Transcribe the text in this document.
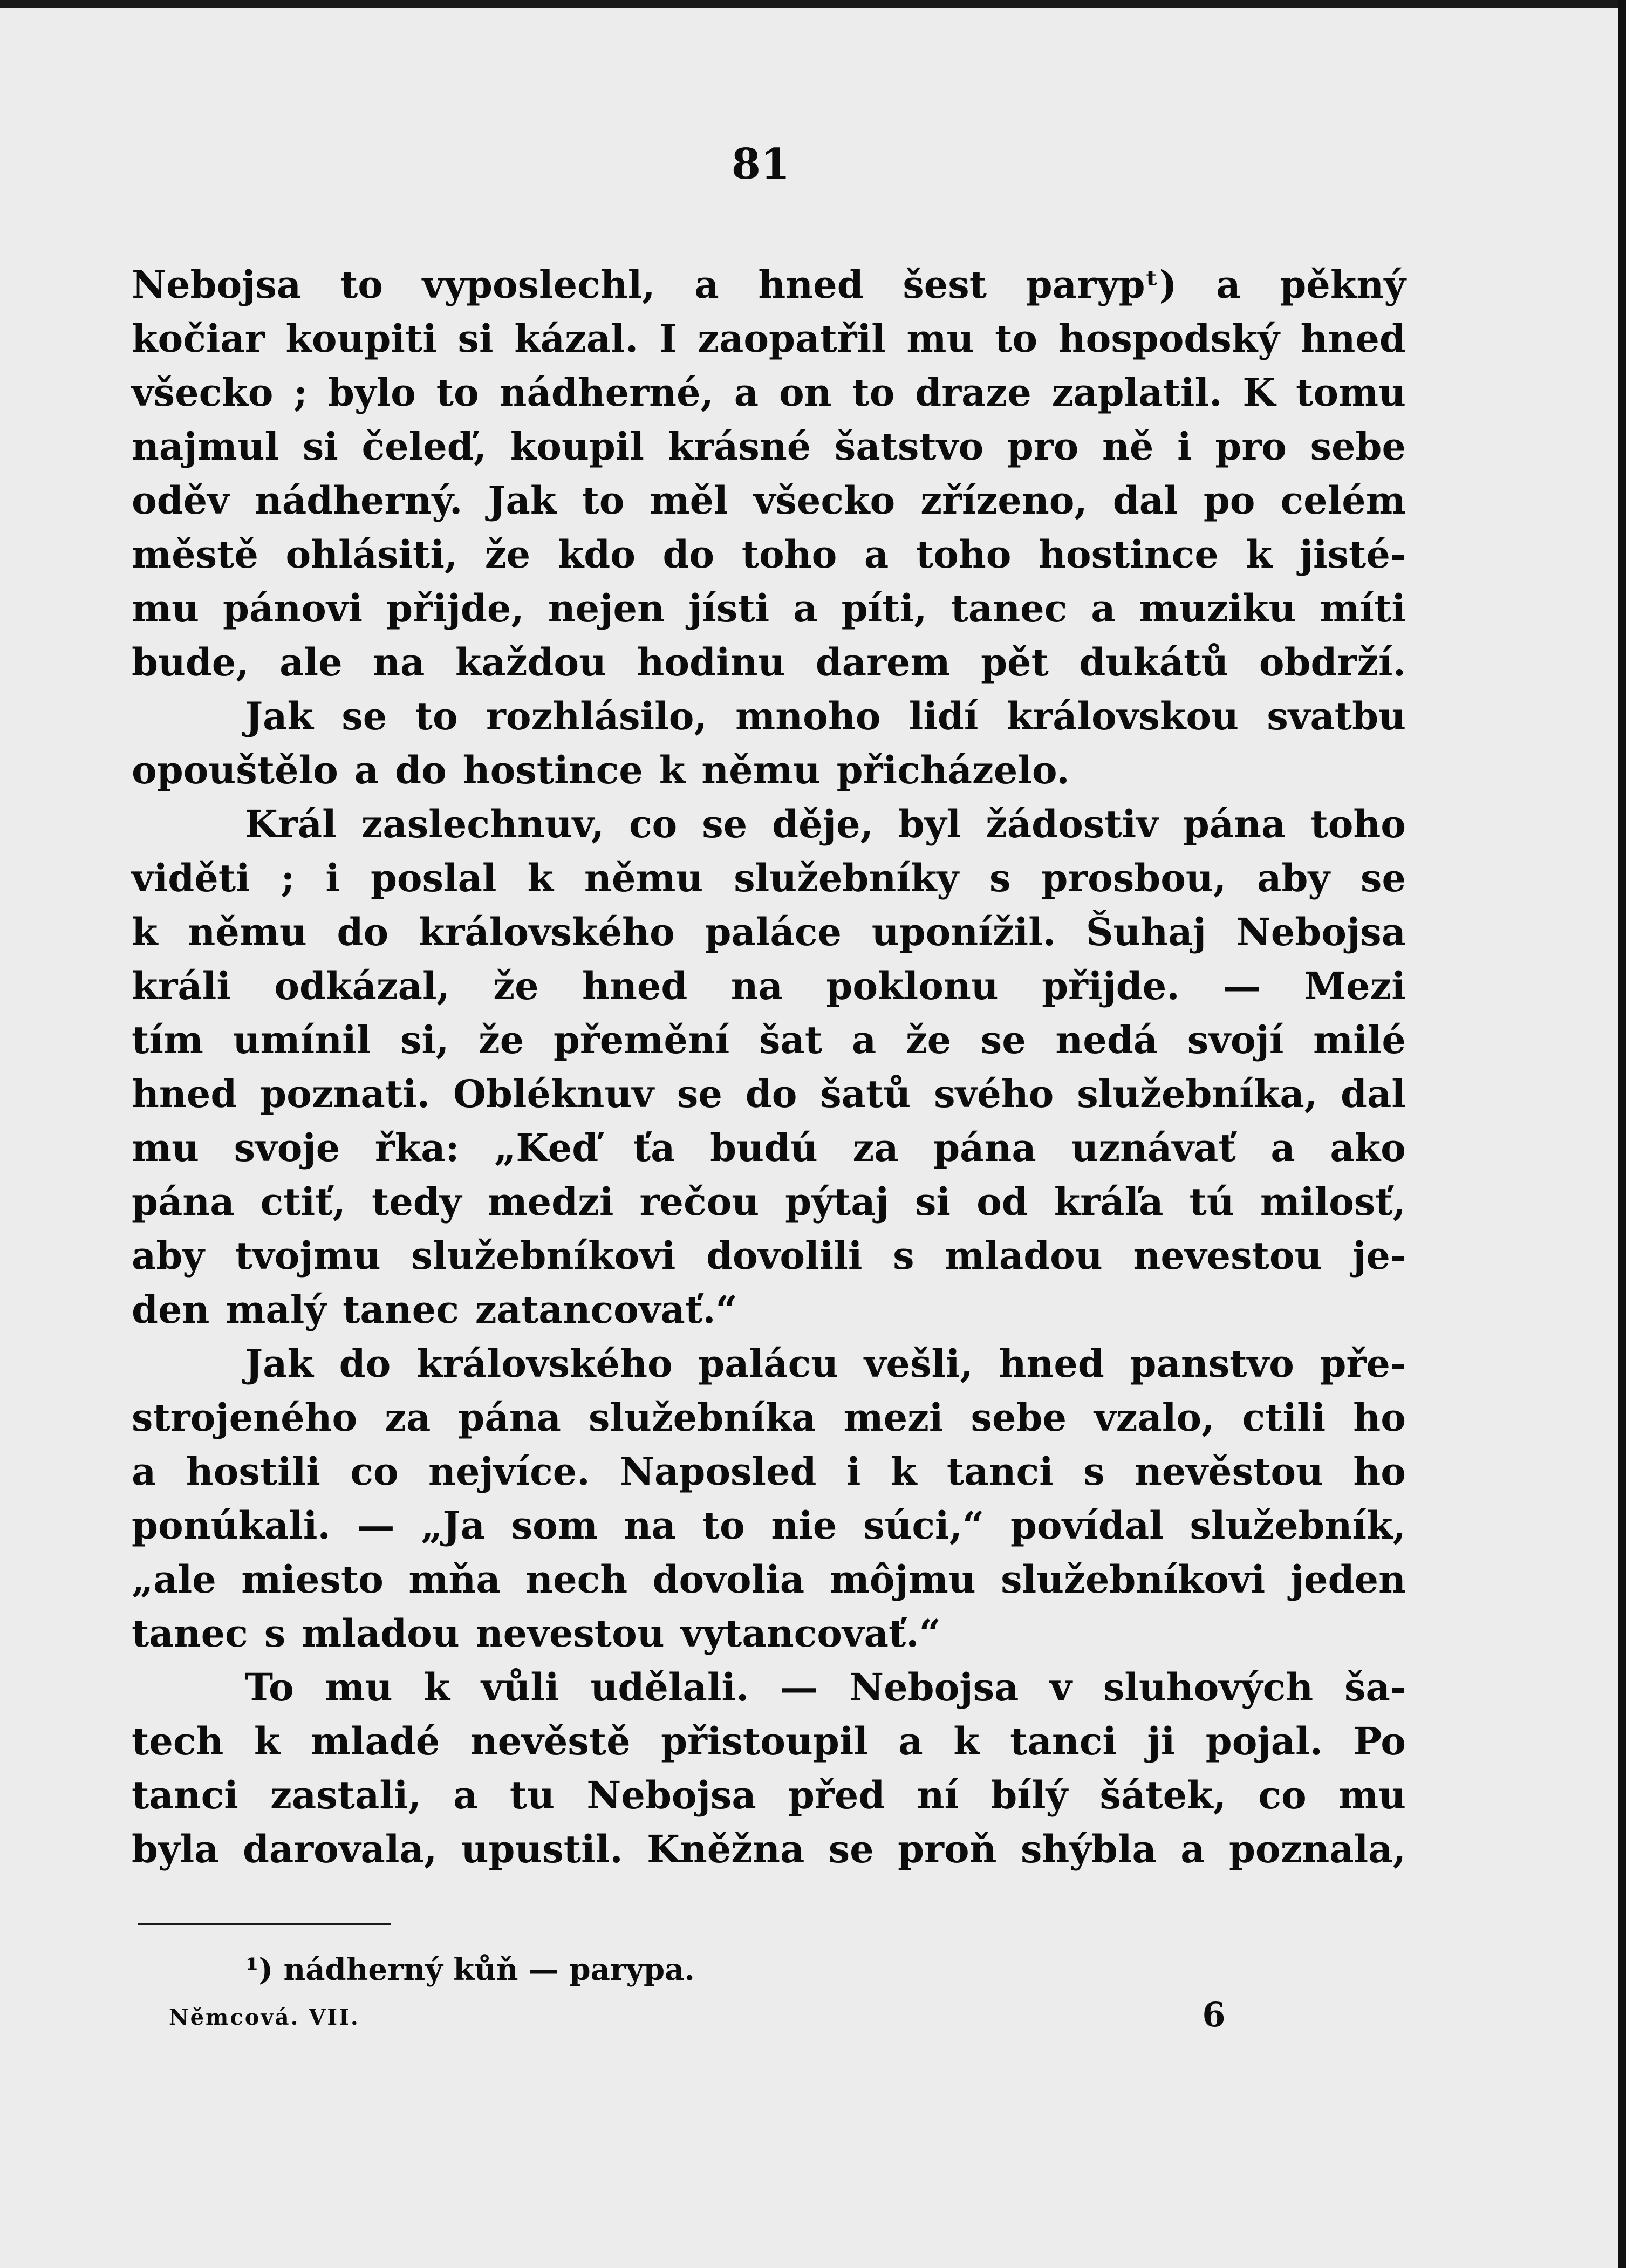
81
Nebojsa to vyposlechl, a hned šest parypᵗ) a pěkný
kočiar koupiti si kázal. I zaopatřil mu to hospodský hned
všecko ; bylo to nádherné, a on to draze zaplatil. K tomu
najmul si čeleď, koupil krásné šatstvo pro ně i pro sebe
oděv nádherný. Jak to měl všecko zřízeno, dal po celém
městě ohlásiti, že kdo do toho a toho hostince k jisté-
mu pánovi přijde, nejen jísti a píti, tanec a muziku míti
bude, ale na každou hodinu darem pět dukátů obdrží.
Jak se to rozhlásilo, mnoho lidí královskou svatbu
opouštělo a do hostince k němu přicházelo.
Král zaslechnuv, co se děje, byl žádostiv pána toho
viděti ; i poslal k němu služebníky s prosbou, aby se
k němu do královského paláce uponížil. Šuhaj Nebojsa
králi odkázal, že hned na poklonu přijde. — Mezi
tím umínil si, že přemění šat a že se nedá svojí milé
hned poznati. Obléknuv se do šatů svého služebníka, dal
mu svoje řka: „Keď ťa budú za pána uznávať a ako
pána ctiť, tedy medzi rečou pýtaj si od kráľa tú milosť,
aby tvojmu služebníkovi dovolili s mladou nevestou je-
den malý tanec zatancovať.“
Jak do královského palácu vešli, hned panstvo pře-
strojeného za pána služebníka mezi sebe vzalo, ctili ho
a hostili co nejvíce. Naposled i k tanci s nevěstou ho
ponúkali. — „Ja som na to nie súci,“ povídal služebník,
„ale miesto mňa nech dovolia môjmu služebníkovi jeden
tanec s mladou nevestou vytancovať.“
To mu k vůli udělali. — Nebojsa v sluhových ša-
tech k mladé nevěstě přistoupil a k tanci ji pojal. Po
tanci zastali, a tu Nebojsa před ní bílý šátek, co mu
byla darovala, upustil. Kněžna se proň shýbla a poznala,
¹) nádherný kůň — parypa.
Němcová. VII.	6
